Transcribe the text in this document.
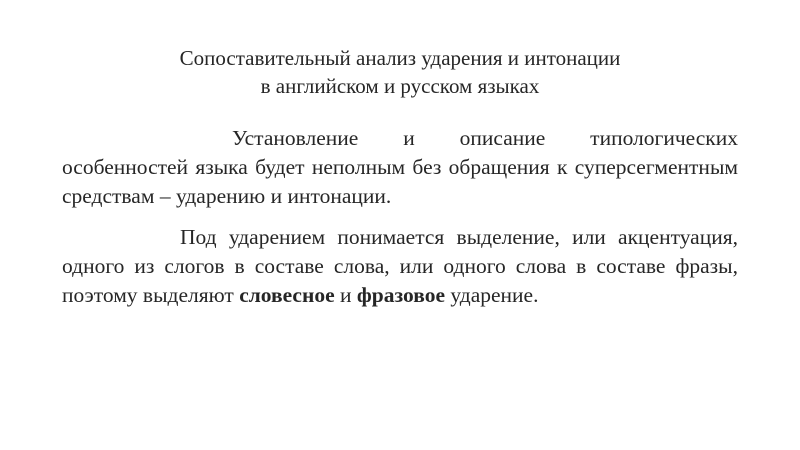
Сопоставительный анализ ударения и интонации
в английском и русском языках

Установление и описание типологических особенностей языка будет неполным без обращения к суперсегментным средствам – ударению и интонации.

Под ударением понимается выделение, или акцентуация, одного из слогов в составе слова, или одного слова в составе фразы, поэтому выделяют словесное и фразовое ударение.
